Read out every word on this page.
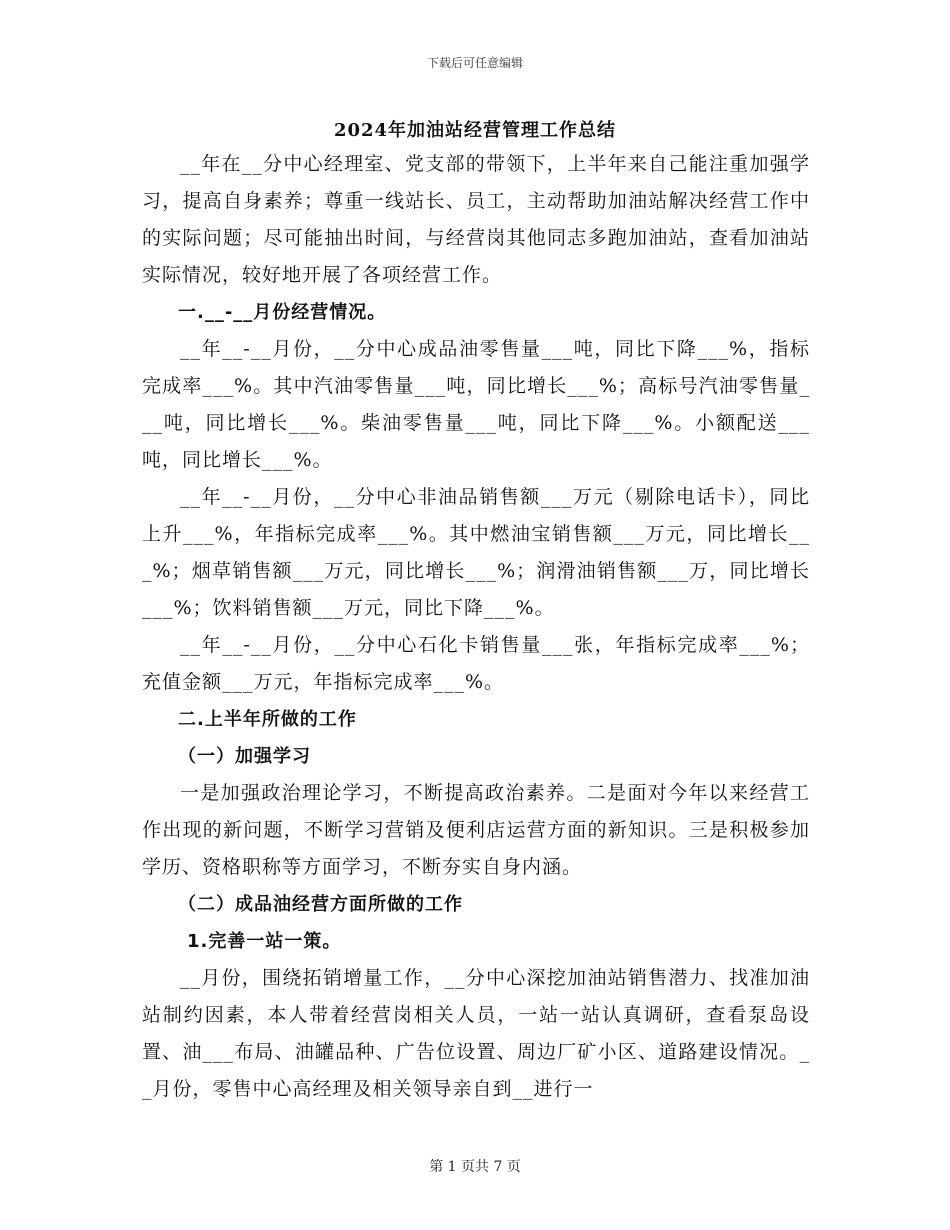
下载后可任意编辑
2024年加油站经营管理工作总结

__年在__分中心经理室、党支部的带领下，上半年来自己能注重加强学习，提高自身素养；尊重一线站长、员工，主动帮助加油站解决经营工作中的实际问题；尽可能抽出时间，与经营岗其他同志多跑加油站，查看加油站实际情况，较好地开展了各项经营工作。

一.__-__月份经营情况。

__年__-__月份，__分中心成品油零售量___吨，同比下降___%，指标完成率___%。其中汽油零售量___吨，同比增长___%；高标号汽油零售量___吨，同比增长___%。柴油零售量___吨，同比下降___%。小额配送___吨，同比增长___%。

__年__-__月份，__分中心非油品销售额___万元（剔除电话卡），同比上升___%，年指标完成率___%。其中燃油宝销售额___万元，同比增长___%；烟草销售额___万元，同比增长___%；润滑油销售额___万，同比增长___%；饮料销售额___万元，同比下降___%。

__年__-__月份，__分中心石化卡销售量___张，年指标完成率___%；充值金额___万元，年指标完成率___%。

二.上半年所做的工作

（一）加强学习

一是加强政治理论学习，不断提高政治素养。二是面对今年以来经营工作出现的新问题，不断学习营销及便利店运营方面的新知识。三是积极参加学历、资格职称等方面学习，不断夯实自身内涵。

（二）成品油经营方面所做的工作

1.完善一站一策。

__月份，围绕拓销增量工作，__分中心深挖加油站销售潜力、找准加油站制约因素，本人带着经营岗相关人员，一站一站认真调研，查看泵岛设置、油___布局、油罐品种、广告位设置、周边厂矿小区、道路建设情况。__月份，零售中心高经理及相关领导亲自到__进行一

第 1 页共 7 页
